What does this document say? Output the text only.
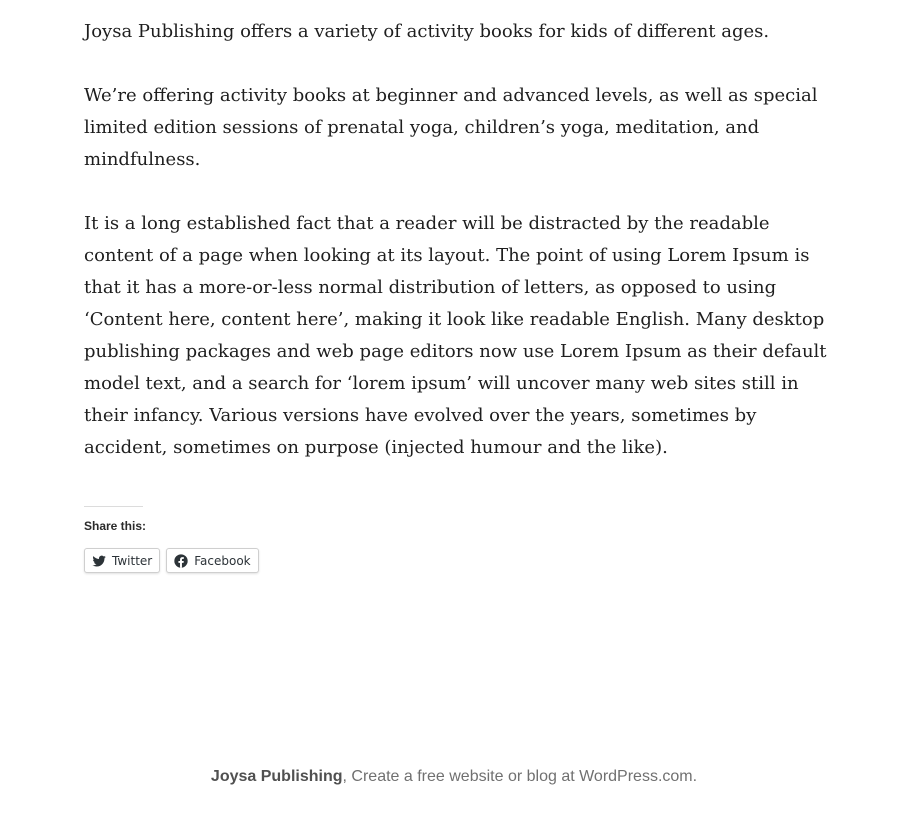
Joysa Publishing offers a variety of activity books for kids of different ages.

We’re offering activity books at beginner and advanced levels, as well as special limited edition sessions of prenatal yoga, children’s yoga, meditation, and mindfulness.

It is a long established fact that a reader will be distracted by the readable content of a page when looking at its layout. The point of using Lorem Ipsum is that it has a more-or-less normal distribution of letters, as opposed to using ‘Content here, content here’, making it look like readable English. Many desktop publishing packages and web page editors now use Lorem Ipsum as their default model text, and a search for ‘lorem ipsum’ will uncover many web sites still in their infancy. Various versions have evolved over the years, sometimes by accident, sometimes on purpose (injected humour and the like).

Share this:
Twitter	Facebook
Joysa Publishing, Create a free website or blog at WordPress.com.
